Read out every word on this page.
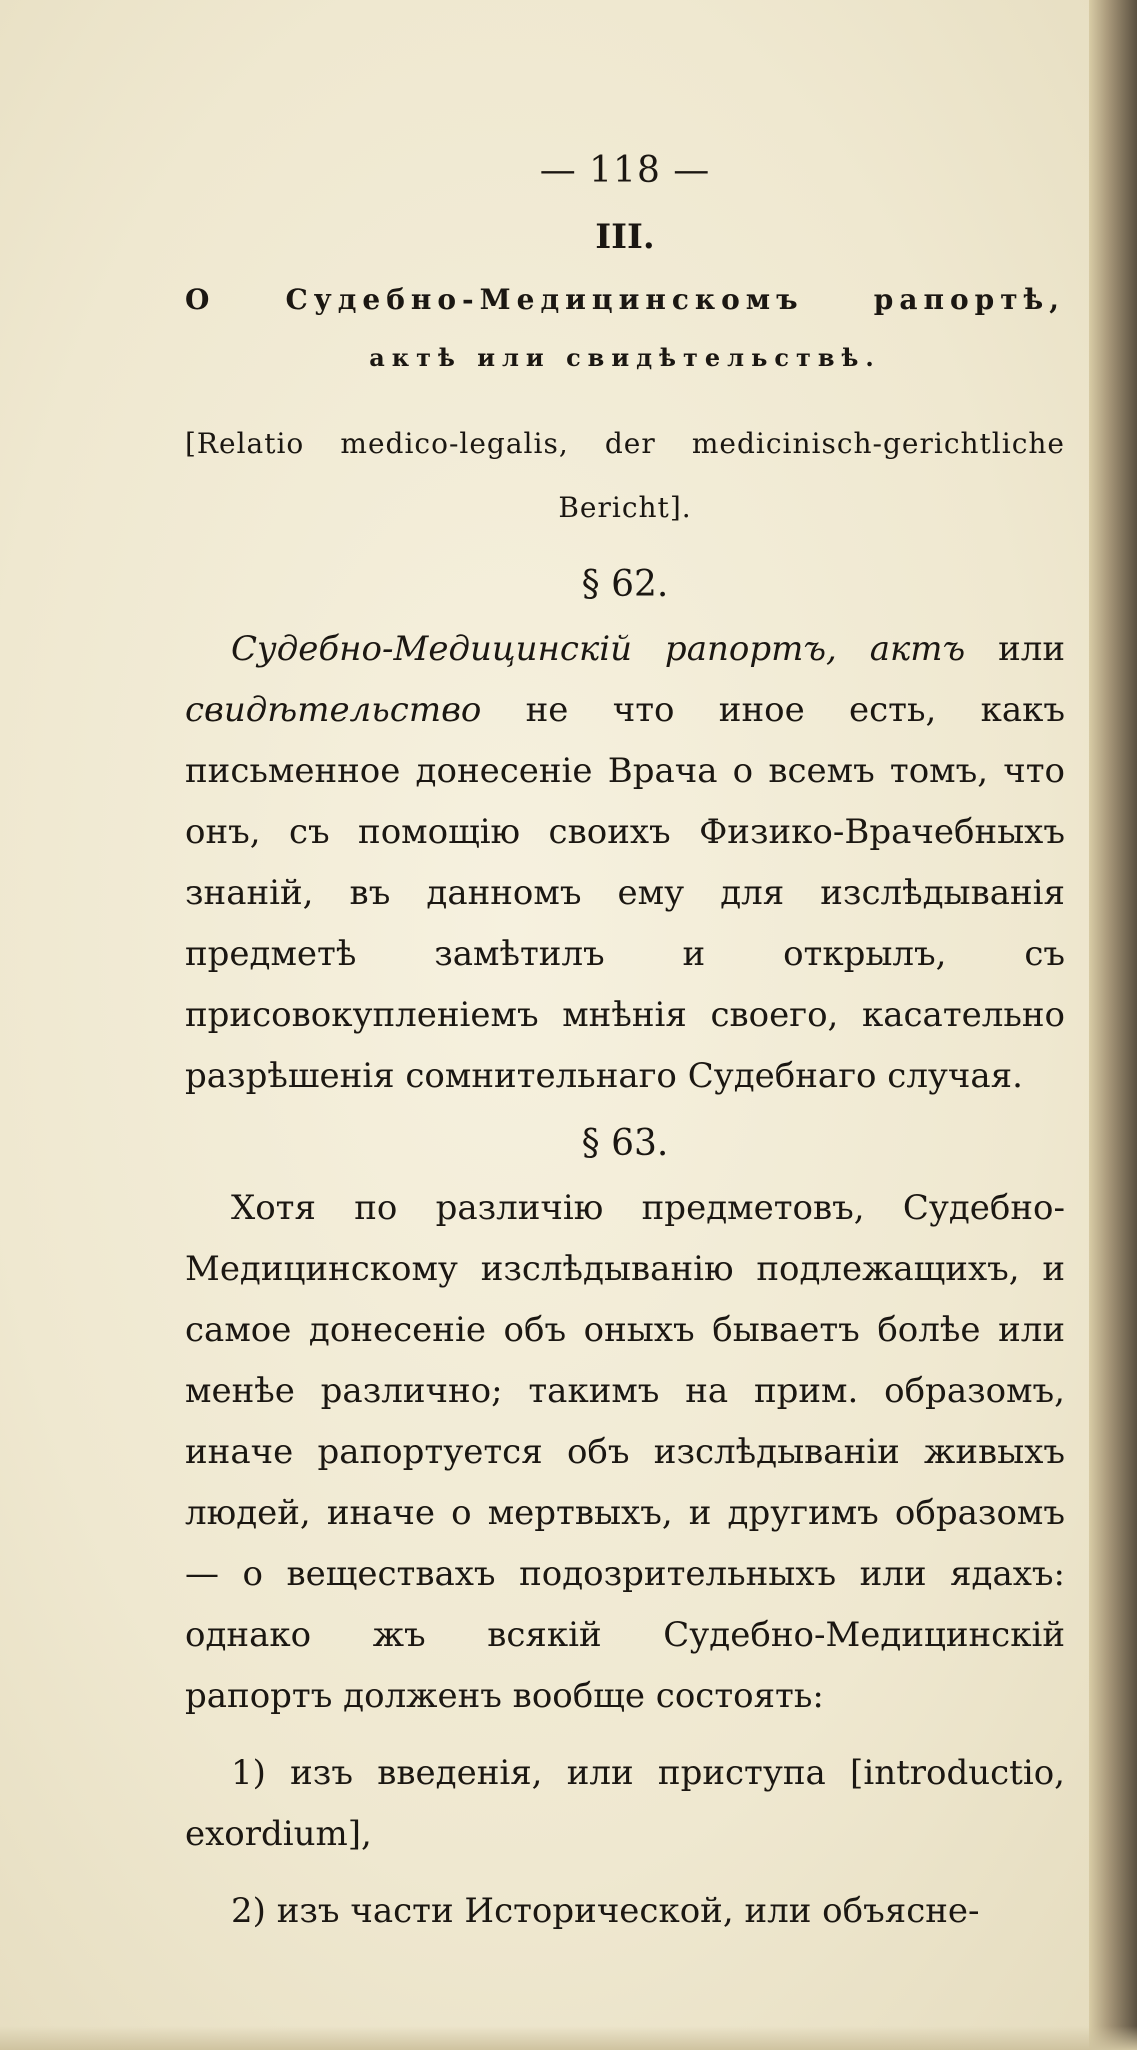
— 118 —
III.
О Судебно-Медицинскомъ рапортѣ,
актѣ или свидѣтельствѣ.
[Relatio medico-legalis, der medicinisch-gerichtliche Bericht].
§ 62.

Судебно-Медицинскій рапортъ, актъ или свидѣтельство не что иное есть, какъ письменное донесеніе Врача о всемъ томъ, что онъ, съ помощію своихъ Физико-Врачебныхъ знаній, въ данномъ ему для изслѣдыванія предметѣ замѣтилъ и открылъ, съ присовокупленіемъ мнѣнія своего, касательно разрѣшенія сомнительнаго Судебнаго случая.

§ 63.

Хотя по различію предметовъ, Судебно-Медицинскому изслѣдыванію подлежащихъ, и самое донесеніе объ оныхъ бываетъ болѣе или менѣе различно; такимъ на прим. образомъ, иначе рапортуется объ изслѣдываніи живыхъ людей, иначе о мертвыхъ, и другимъ образомъ — о веществахъ подозрительныхъ или ядахъ: однако жъ всякій Судебно-Медицинскій рапортъ долженъ вообще состоять:

1) изъ введенія, или приступа [introductio, exordium],

2) изъ части Исторической, или объясне-
